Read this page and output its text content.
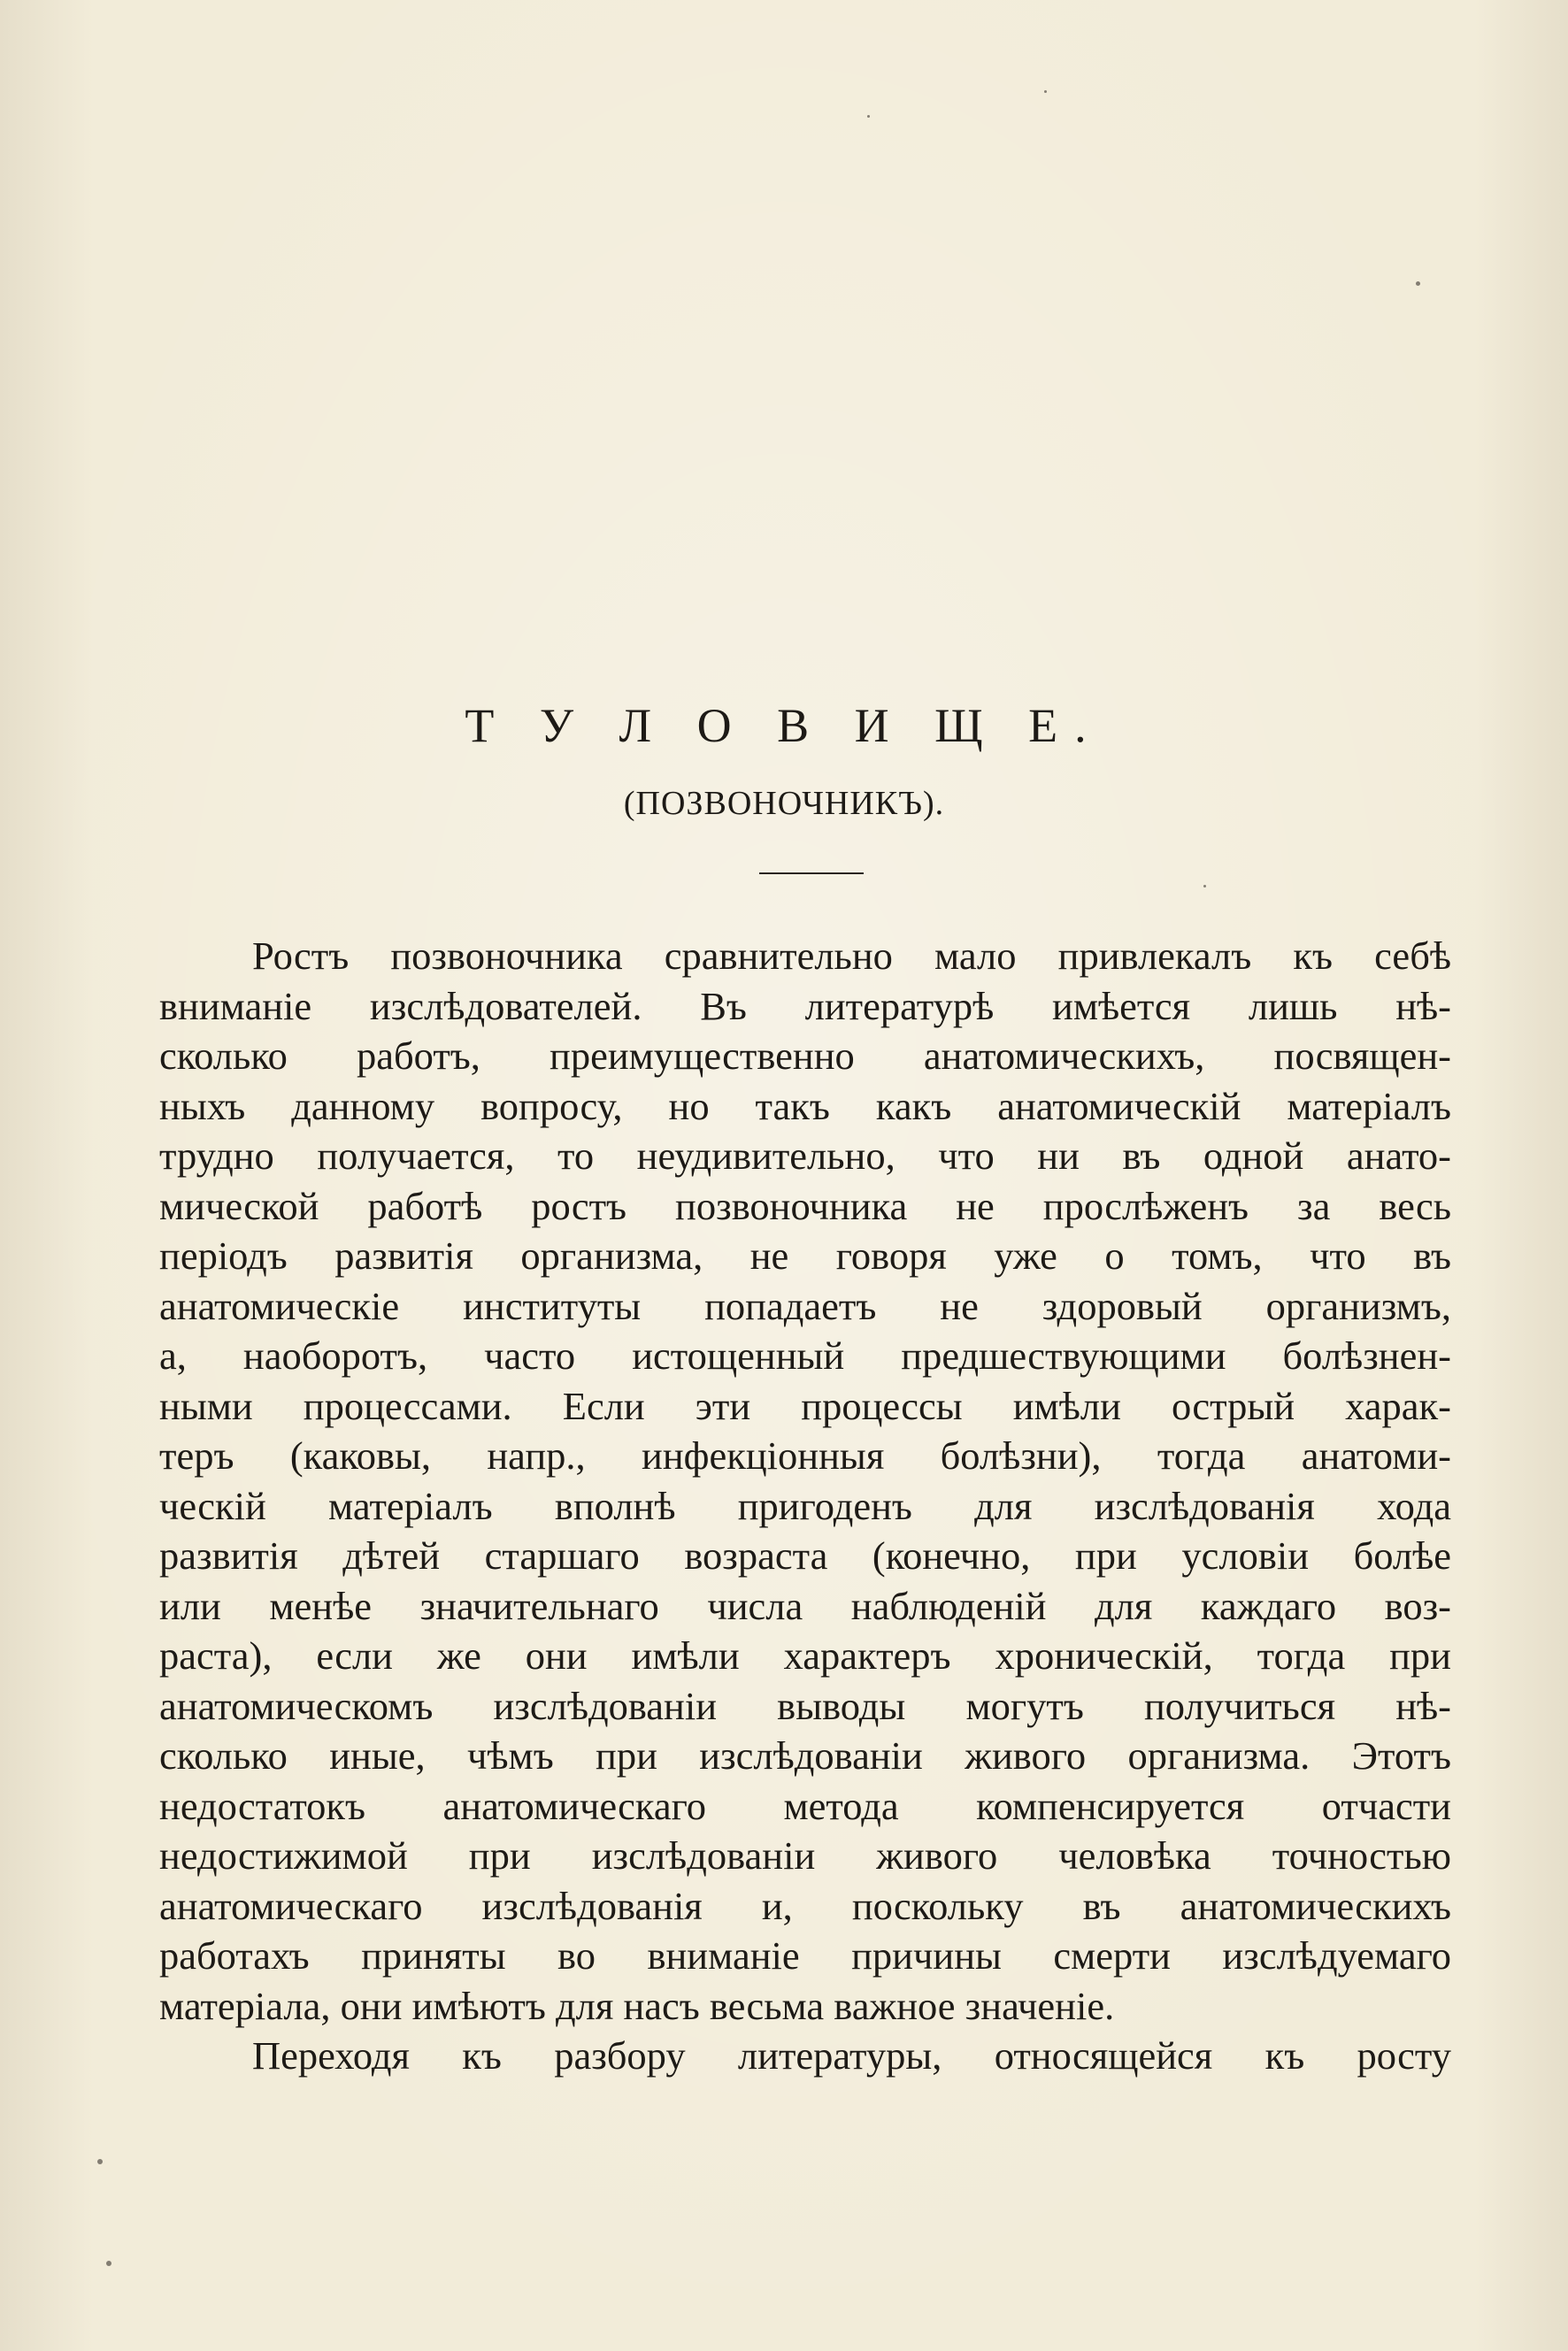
Т У Л О В И Щ Е.
(ПОЗВОНОЧНИКЪ).
Ростъ позвоночника сравнительно мало привлекалъ къ себѣ
вниманіе изслѣдователей. Въ литературѣ имѣется лишь нѣ-
сколько работъ, преимущественно анатомическихъ, посвящен-
ныхъ данному вопросу, но такъ какъ анатомическій матеріалъ
трудно получается, то неудивительно, что ни въ одной анато-
мической работѣ ростъ позвоночника не прослѣженъ за весь
періодъ развитія организма, не говоря уже о томъ, что въ
анатомическіе институты попадаетъ не здоровый организмъ,
а, наоборотъ, часто истощенный предшествующими болѣзнен-
ными процессами. Если эти процессы имѣли острый харак-
теръ (каковы, напр., инфекціонныя болѣзни), тогда анатоми-
ческій матеріалъ вполнѣ пригоденъ для изслѣдованія хода
развитія дѣтей старшаго возраста (конечно, при условіи болѣе
или менѣе значительнаго числа наблюденій для каждаго воз-
раста), если же они имѣли характеръ хроническій, тогда при
анатомическомъ изслѣдованіи выводы могутъ получиться нѣ-
сколько иные, чѣмъ при изслѣдованіи живого организма. Этотъ
недостатокъ анатомическаго метода компенсируется отчасти
недостижимой при изслѣдованіи живого человѣка точностью
анатомическаго изслѣдованія и, поскольку въ анатомическихъ
работахъ приняты во вниманіе причины смерти изслѣдуемаго
матеріала, они имѣютъ для насъ весьма важное значеніе.
Переходя къ разбору литературы, относящейся къ росту
